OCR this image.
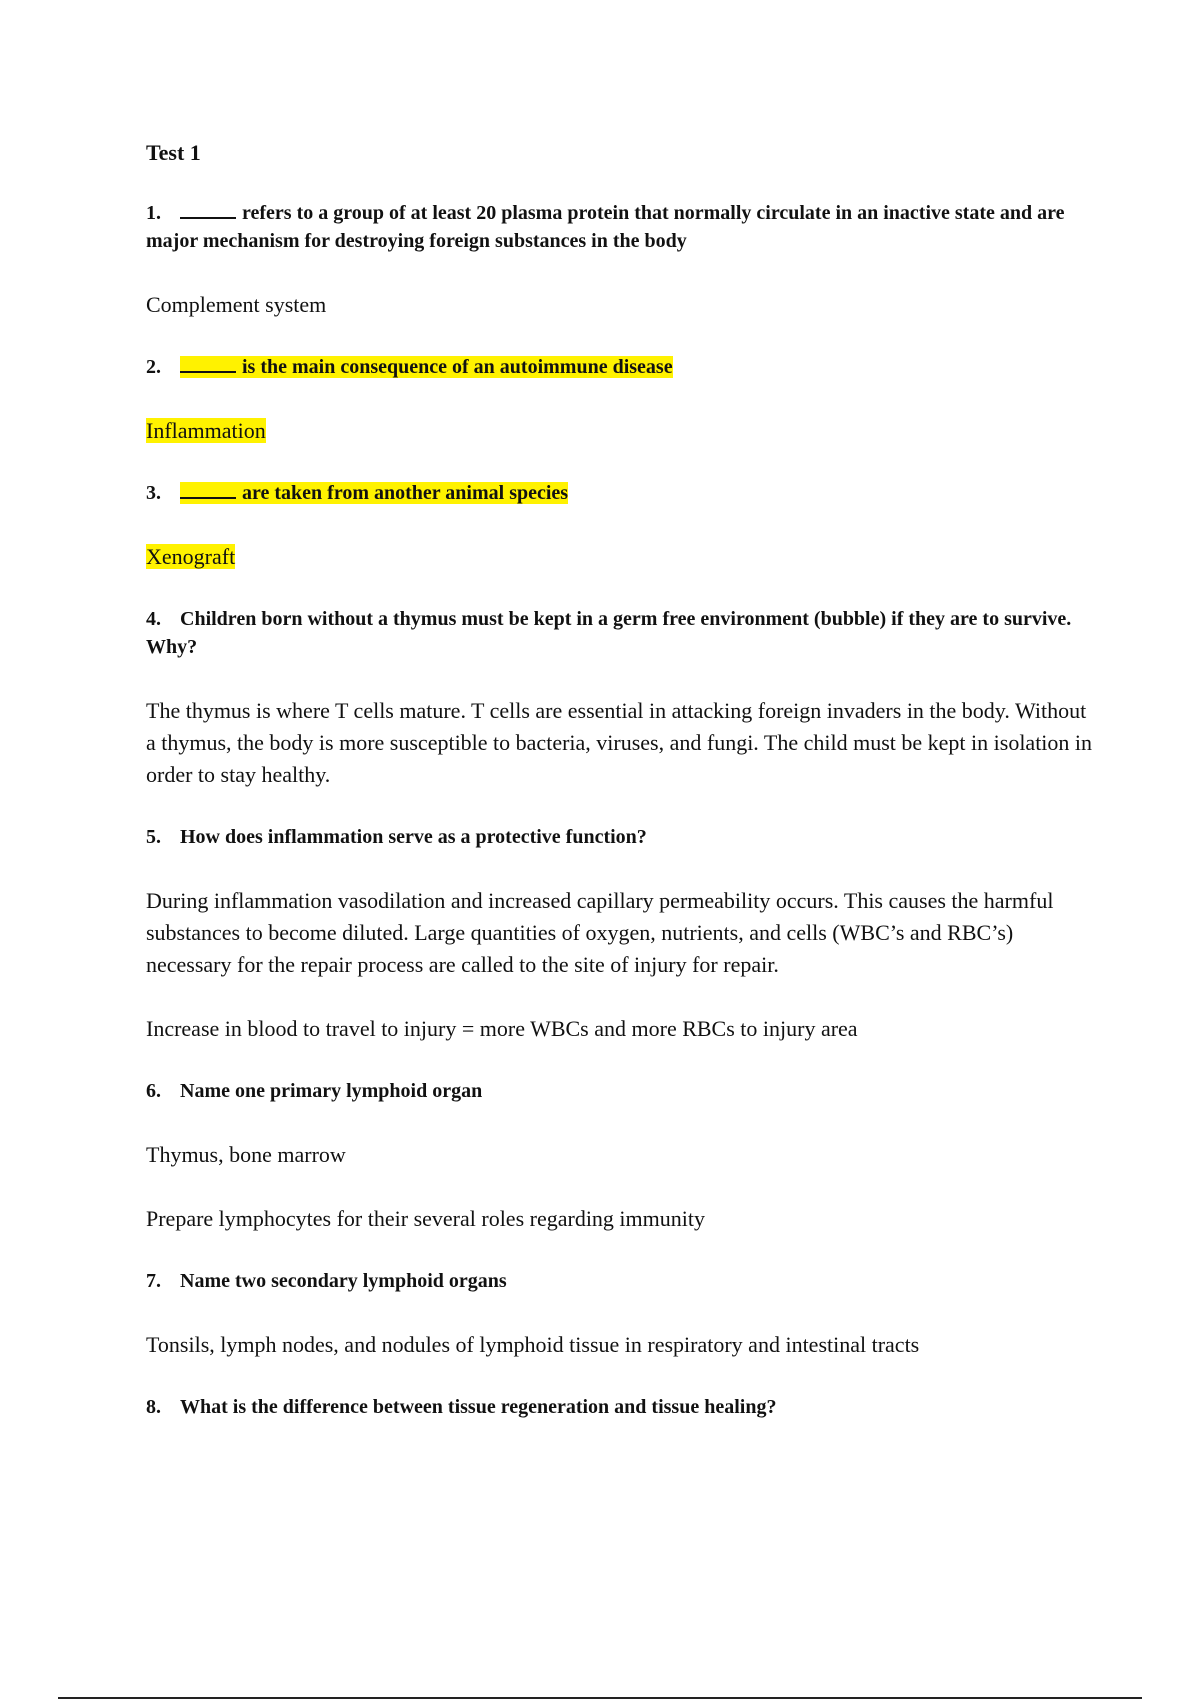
Test 1
1.	refers to a group of at least 20 plasma protein that normally circulate in an inactive state and are major mechanism for destroying foreign substances in the body

Complement system

2.	is the main consequence of an autoimmune disease

Inflammation

3.	are taken from another animal species

Xenograft

4. Children born without a thymus must be kept in a germ free environment (bubble) if they are to survive. Why?

The thymus is where T cells mature. T cells are essential in attacking foreign invaders in the body. Without a thymus, the body is more susceptible to bacteria, viruses, and fungi. The child must be kept in isolation in order to stay healthy.

5. How does inflammation serve as a protective function?

During inflammation vasodilation and increased capillary permeability occurs. This causes the harmful substances to become diluted. Large quantities of oxygen, nutrients, and cells (WBC’s and RBC’s) necessary for the repair process are called to the site of injury for repair.

Increase in blood to travel to injury = more WBCs and more RBCs to injury area

6. Name one primary lymphoid organ

Thymus, bone marrow

Prepare lymphocytes for their several roles regarding immunity

7. Name two secondary lymphoid organs

Tonsils, lymph nodes, and nodules of lymphoid tissue in respiratory and intestinal tracts

8. What is the difference between tissue regeneration and tissue healing?
